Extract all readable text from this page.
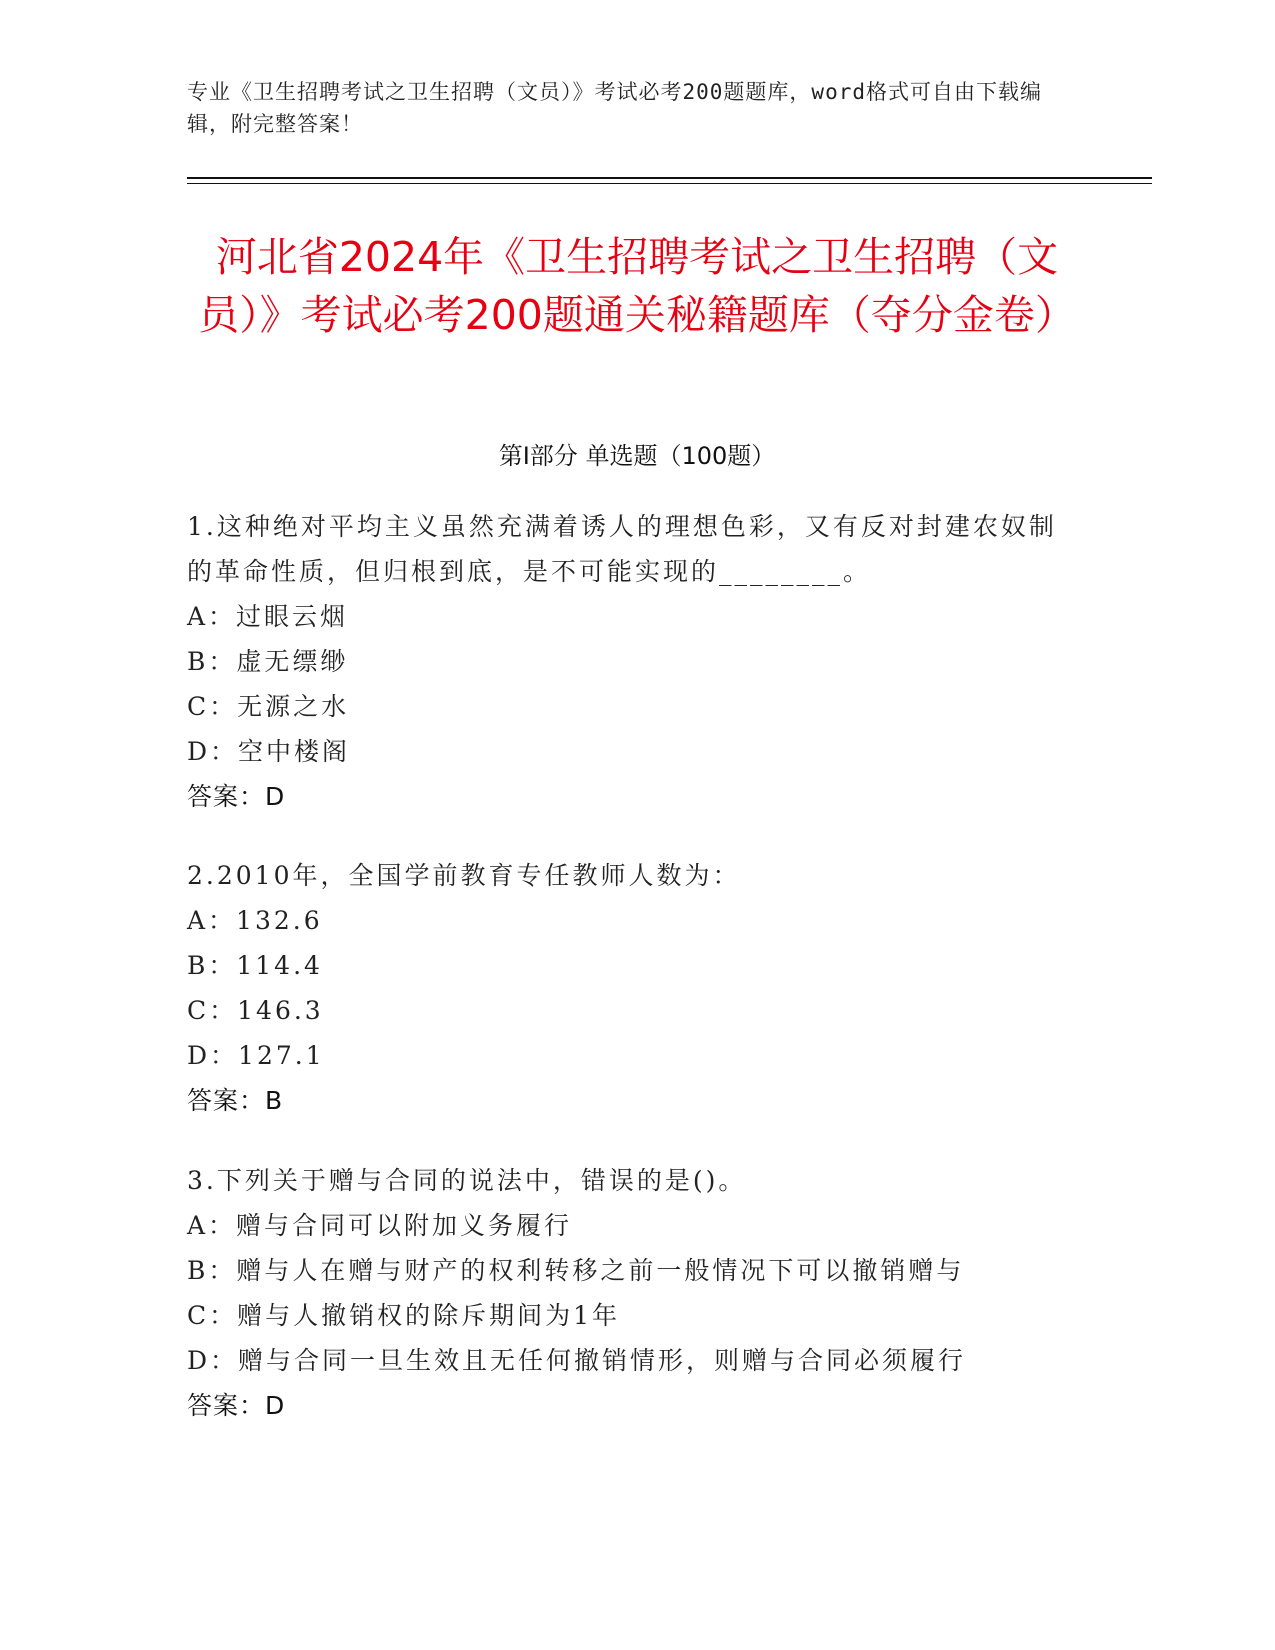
专业《卫生招聘考试之卫生招聘（文员）》考试必考200题题库，word格式可自由下载编辑，附完整答案！
河北省2024年《卫生招聘考试之卫生招聘（文员）》考试必考200题通关秘籍题库（夺分金卷）
第I部分 单选题（100题）
1.这种绝对平均主义虽然充满着诱人的理想色彩，又有反对封建农奴制的革命性质，但归根到底，是不可能实现的________。
A：过眼云烟
B：虚无缥缈
C：无源之水
D：空中楼阁
答案：D
2.2010年，全国学前教育专任教师人数为：
A：132.6
B：114.4
C：146.3
D：127.1
答案：B
3.下列关于赠与合同的说法中，错误的是()。
A：赠与合同可以附加义务履行
B：赠与人在赠与财产的权利转移之前一般情况下可以撤销赠与
C：赠与人撤销权的除斥期间为1年
D：赠与合同一旦生效且无任何撤销情形，则赠与合同必须履行
答案：D
